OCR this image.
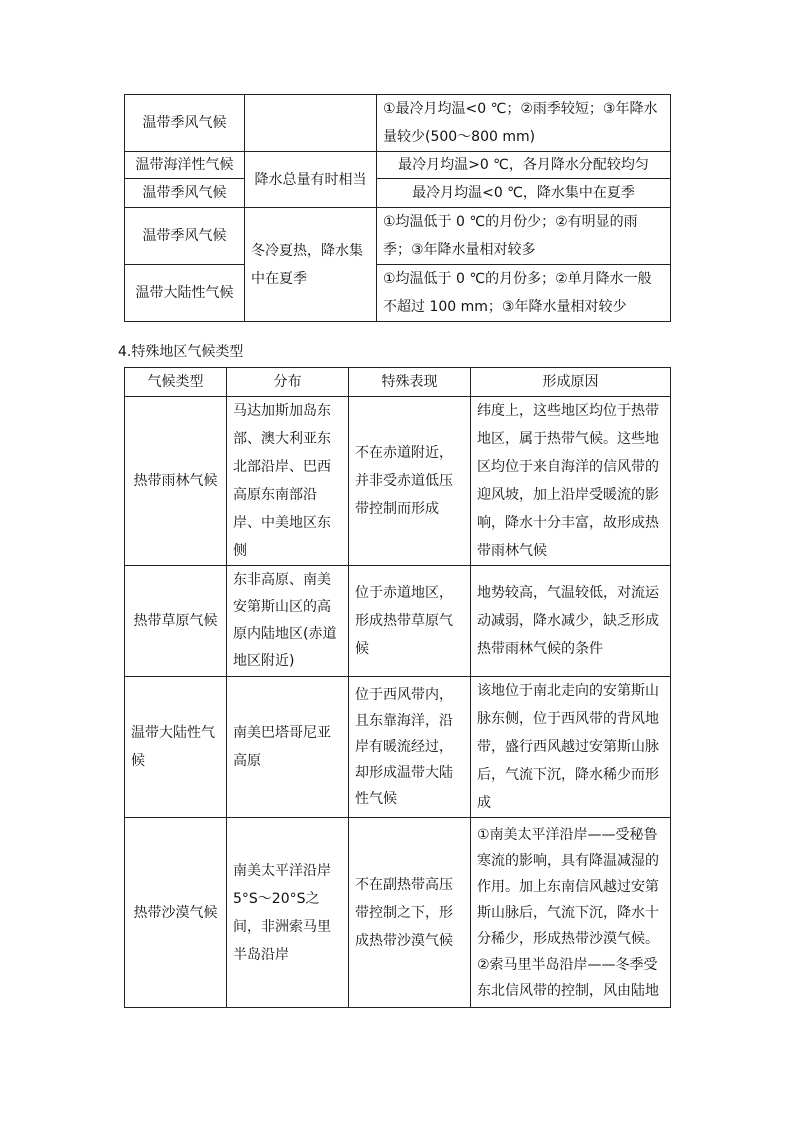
温带季风气候		①最冷月均温<0 ℃；②雨季较短；③年降水量较少(500～800 mm)
温带海洋性气候	降水总量有时相当	最冷月均温>0 ℃，各月降水分配较均匀
温带季风气候		最冷月均温<0 ℃，降水集中在夏季
温带季风气候	冬冷夏热，降水集中在夏季	①均温低于 0 ℃的月份少；②有明显的雨季；③年降水量相对较多
温带大陆性气候		①均温低于 0 ℃的月份多；②单月降水一般不超过 100 mm；③年降水量相对较少
4.特殊地区气候类型
气候类型	分布	特殊表现	形成原因
热带雨林气候	马达加斯加岛东部、澳大利亚东北部沿岸、巴西高原东南部沿岸、中美地区东侧	不在赤道附近，并非受赤道低压带控制而形成	纬度上，这些地区均位于热带地区，属于热带气候。这些地区均位于来自海洋的信风带的迎风坡，加上沿岸受暖流的影响，降水十分丰富，故形成热带雨林气候
热带草原气候	东非高原、南美安第斯山区的高原内陆地区(赤道地区附近)	位于赤道地区，形成热带草原气候	地势较高，气温较低，对流运动减弱，降水减少，缺乏形成热带雨林气候的条件
温带大陆性气候	南美巴塔哥尼亚高原	位于西风带内，且东靠海洋，沿岸有暖流经过，却形成温带大陆性气候	该地位于南北走向的安第斯山脉东侧，位于西风带的背风地带，盛行西风越过安第斯山脉后，气流下沉，降水稀少而形成
热带沙漠气候	南美太平洋沿岸5°S～20°S之间，非洲索马里半岛沿岸	不在副热带高压带控制之下，形成热带沙漠气候	①南美太平洋沿岸——受秘鲁寒流的影响，具有降温减湿的作用。加上东南信风越过安第斯山脉后，气流下沉，降水十分稀少，形成热带沙漠气候。②索马里半岛沿岸——冬季受东北信风带的控制，风由陆地
